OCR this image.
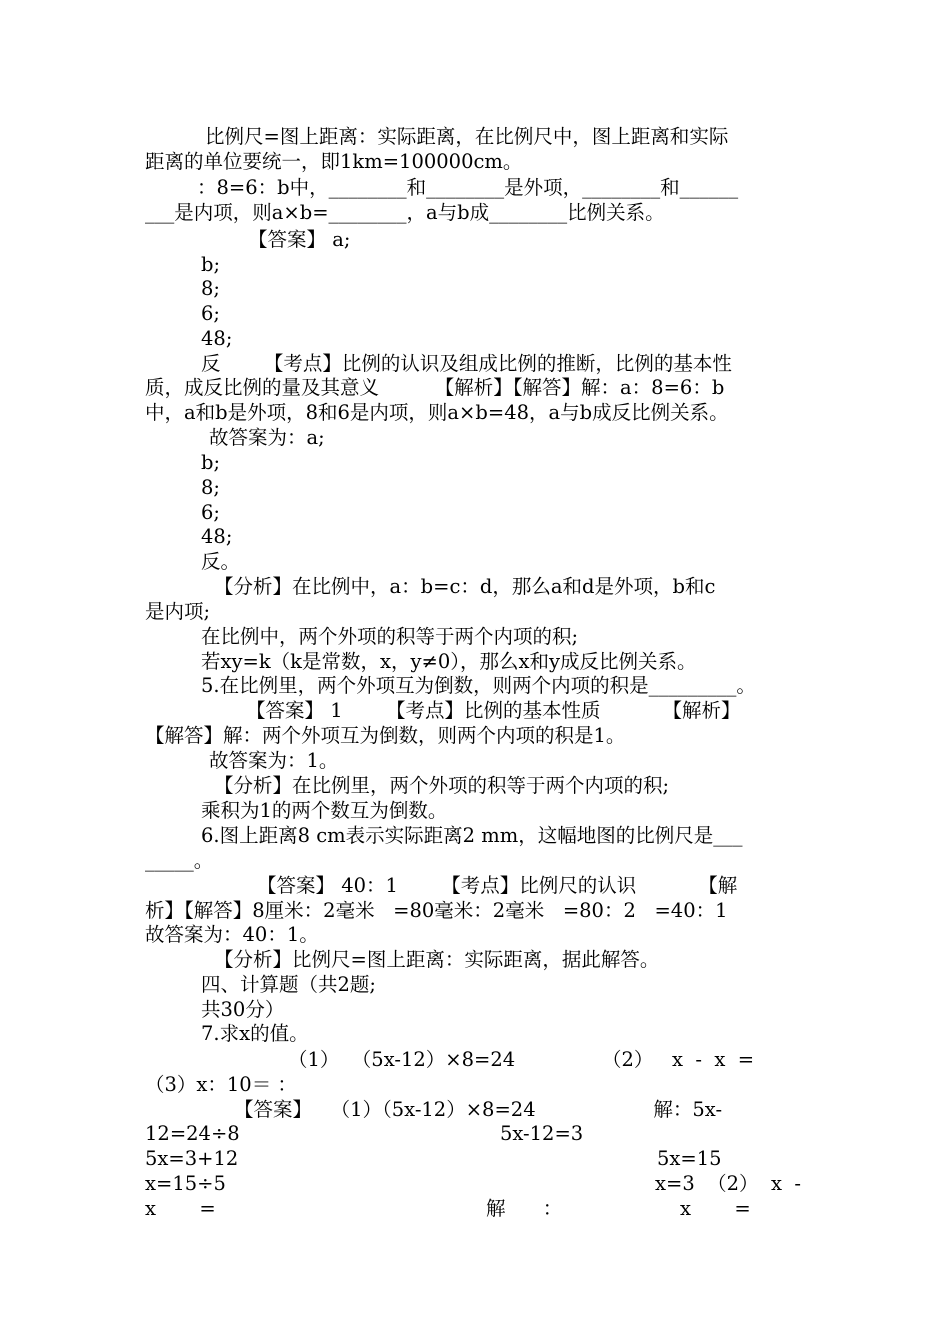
比例尺=图上距离：实际距离，在比例尺中，图上距离和实际
距离的单位要统一，即1km=100000cm。
：8=6：b中，________和________是外项，________和______
___是内项，则a×b=________，a与b成________比例关系。
【答案】 a;
b;
8;
6;
48;
反       【考点】比例的认识及组成比例的推断，比例的基本性
质，成反比例的量及其意义         【解析】【解答】解：a：8=6：b
中，a和b是外项，8和6是内项，则a×b=48，a与b成反比例关系。
故答案为：a;
b;
8;
6;
48;
反。
【分析】在比例中，a：b=c：d，那么a和d是外项，b和c
是内项;
在比例中，两个外项的积等于两个内项的积;
若xy=k（k是常数，x，y≠0），那么x和y成反比例关系。
5.在比例里，两个外项互为倒数，则两个内项的积是_________。
【答案】 1       【考点】比例的基本性质          【解析】
【解答】解：两个外项互为倒数，则两个内项的积是1。
故答案为：1。
【分析】在比例里，两个外项的积等于两个内项的积;
乘积为1的两个数互为倒数。
6.图上距离8 cm表示实际距离2 mm，这幅地图的比例尺是___
_____。
【答案】 40：1       【考点】比例尺的认识          【解
析】【解答】8厘米：2毫米   =80毫米：2毫米   =80：2   =40：1
故答案为：40：1。
【分析】比例尺=图上距离：实际距离，据此解答。
四、计算题（共2题;
共30分）
7.求x的值。
（1）  （5x-12）×8=24              （2）   x  -  x  =
（3）x：10＝ ：
【答案】   （1）（5x-12）×8=24                   解：5x-
12=24÷8	5x-12=3
5x=3+12	5x=15
x=15÷5	x=3  （2）  x  -
x       =	解      ：	x       =
